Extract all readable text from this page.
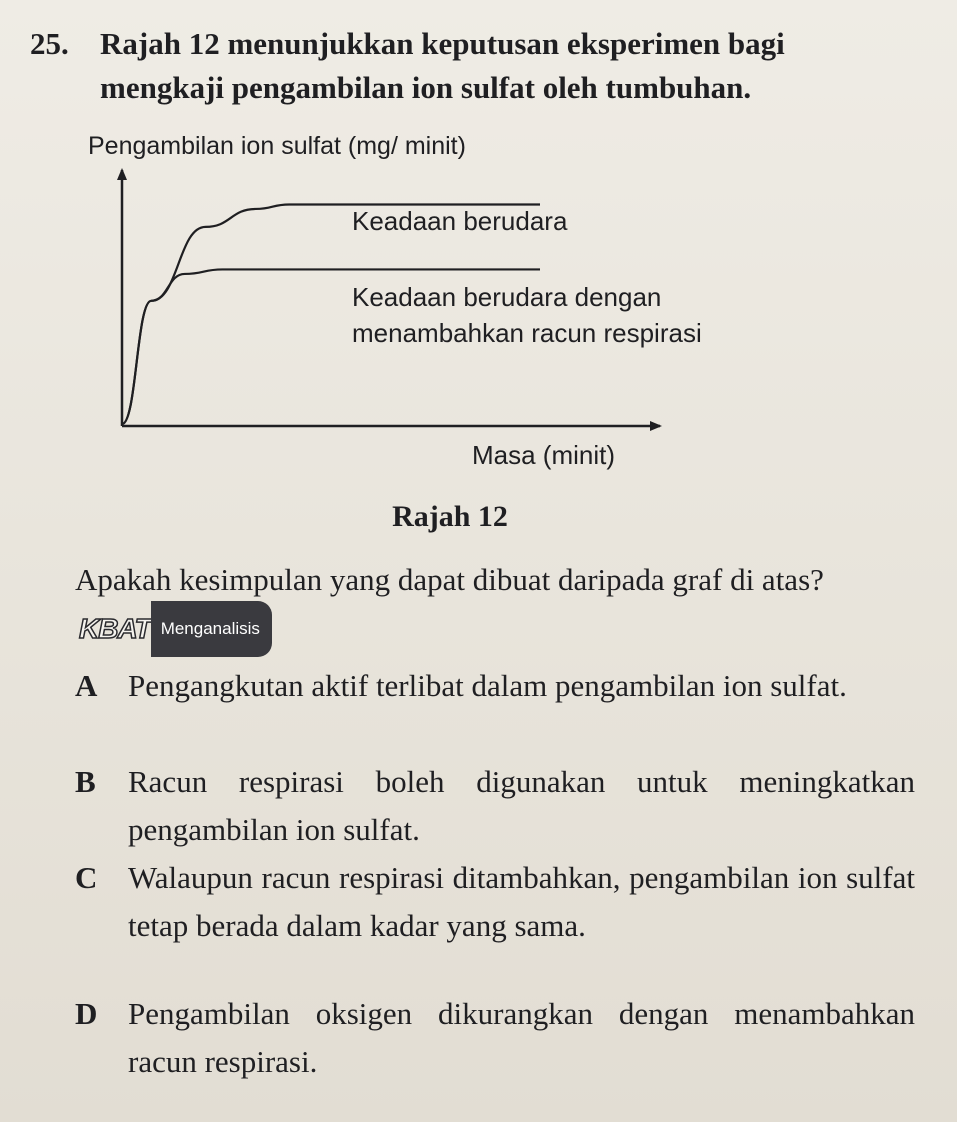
25. Rajah 12 menunjukkan keputusan eksperimen bagi
mengkaji pengambilan ion sulfat oleh tumbuhan.
Pengambilan ion sulfat (mg/ minit)
Masa (minit)
Keadaan berudara
Keadaan berudara dengan
menambahkan racun respirasi
Rajah 12
Apakah kesimpulan yang dapat dibuat daripada graf di atas?
KBAT Menganalisis
A Pengangkutan aktif terlibat dalam pengambilan ion sulfat.
B	Racun respirasi boleh digunakan untuk meningkatkan pengambilan ion sulfat.
C Walaupun racun respirasi ditambahkan, pengambilan ion sulfat tetap berada dalam kadar yang sama.
D Pengambilan oksigen dikurangkan dengan menambahkan racun respirasi.
